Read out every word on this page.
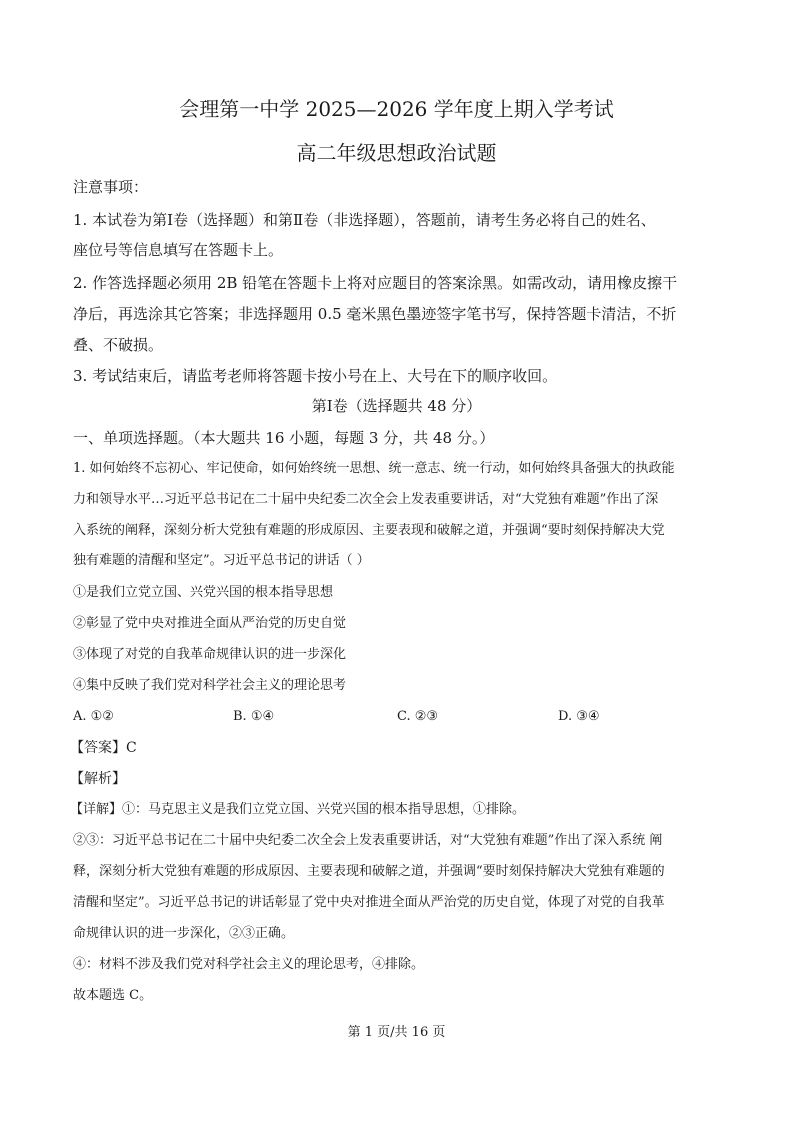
会理第一中学 2025—2026 学年度上期入学考试
高二年级思想政治试题
注意事项：
1. 本试卷为第Ⅰ卷（选择题）和第Ⅱ卷（非选择题），答题前，请考生务必将自己的姓名、
座位号等信息填写在答题卡上。
2. 作答选择题必须用 2B 铅笔在答题卡上将对应题目的答案涂黑。如需改动，请用橡皮擦干
净后，再选涂其它答案；非选择题用 0.5 毫米黑色墨迹签字笔书写，保持答题卡清洁，不折
叠、不破损。
3. 考试结束后，请监考老师将答题卡按小号在上、大号在下的顺序收回。
第Ⅰ卷（选择题共 48 分）
一、单项选择题。（本大题共 16 小题，每题 3 分，共 48 分。）
1. 如何始终不忘初心、牢记使命，如何始终统一思想、统一意志、统一行动，如何始终具备强大的执政能
力和领导水平…习近平总书记在二十届中央纪委二次全会上发表重要讲话，对“大党独有难题”作出了深
入系统的阐释，深刻分析大党独有难题的形成原因、主要表现和破解之道，并强调“要时刻保持解决大党
独有难题的清醒和坚定”。习近平总书记的讲话（ ）
①是我们立党立国、兴党兴国的根本指导思想
②彰显了党中央对推进全面从严治党的历史自觉
③体现了对党的自我革命规律认识的进一步深化
④集中反映了我们党对科学社会主义的理论思考
A. ①②	B. ①④	C. ②③	D. ③④
【答案】C
【解析】
【详解】①：马克思主义是我们立党立国、兴党兴国的根本指导思想，①排除。
②③：习近平总书记在二十届中央纪委二次全会上发表重要讲话，对“大党独有难题”作出了深入系统 阐
释，深刻分析大党独有难题的形成原因、主要表现和破解之道，并强调“要时刻保持解决大党独有难题的
清醒和坚定”。习近平总书记的讲话彰显了党中央对推进全面从严治党的历史自觉，体现了对党的自我革
命规律认识的进一步深化，②③正确。
④：材料不涉及我们党对科学社会主义的理论思考，④排除。
故本题选 C。
第 1 页/共 16 页
